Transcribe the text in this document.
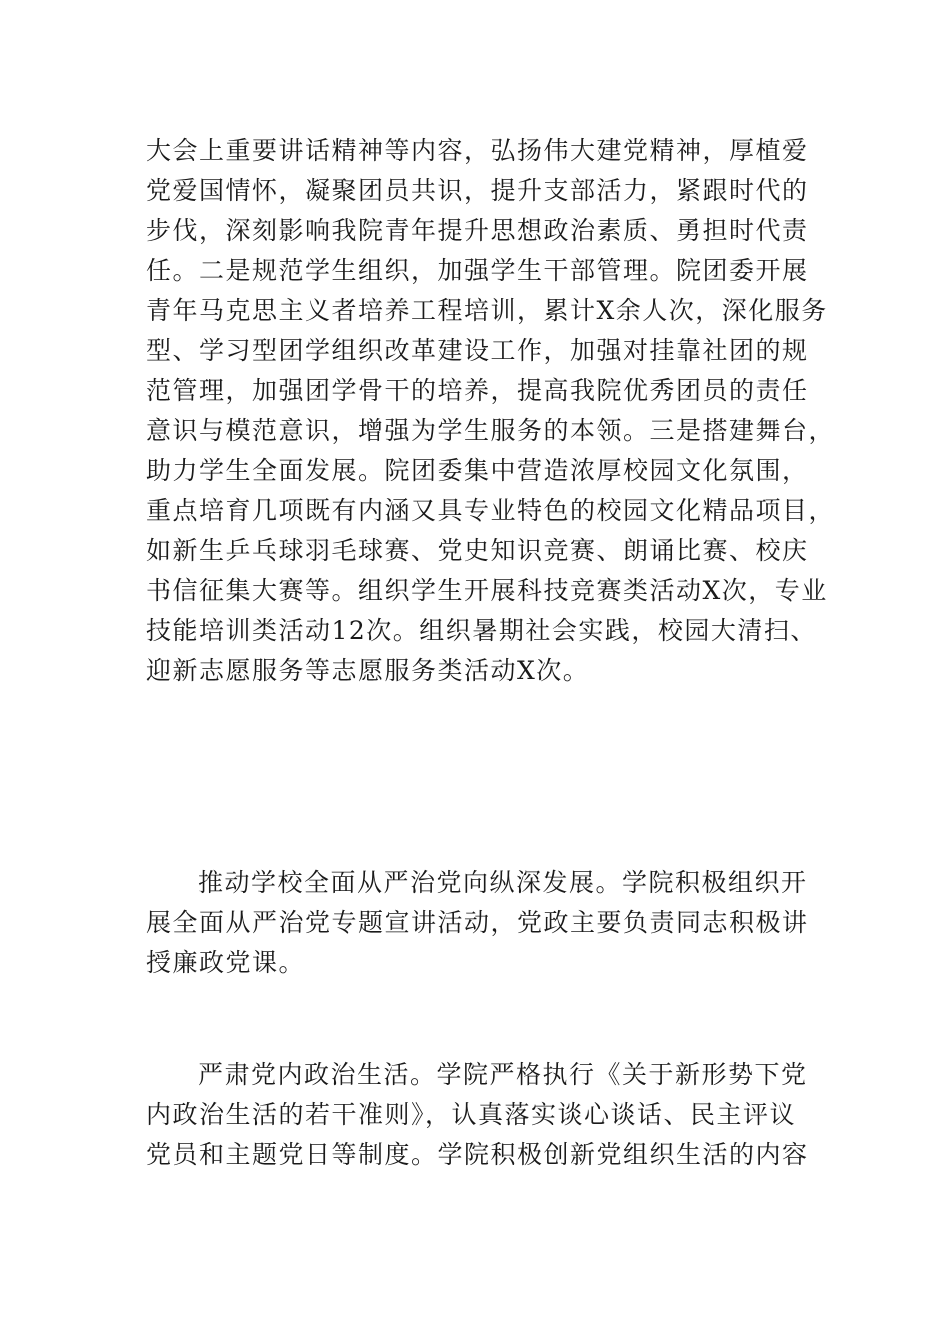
大会上重要讲话精神等内容，弘扬伟大建党精神，厚植爱
党爱国情怀，凝聚团员共识，提升支部活力，紧跟时代的
步伐，深刻影响我院青年提升思想政治素质、勇担时代责
任。二是规范学生组织，加强学生干部管理。院团委开展
青年马克思主义者培养工程培训，累计X余人次，深化服务
型、学习型团学组织改革建设工作，加强对挂靠社团的规
范管理，加强团学骨干的培养，提高我院优秀团员的责任
意识与模范意识，增强为学生服务的本领。三是搭建舞台，
助力学生全面发展。院团委集中营造浓厚校园文化氛围，
重点培育几项既有内涵又具专业特色的校园文化精品项目，
如新生乒乓球羽毛球赛、党史知识竞赛、朗诵比赛、校庆
书信征集大赛等。组织学生开展科技竞赛类活动X次，专业
技能培训类活动12次。组织暑期社会实践，校园大清扫、
迎新志愿服务等志愿服务类活动X次。
推动学校全面从严治党向纵深发展。学院积极组织开
展全面从严治党专题宣讲活动，党政主要负责同志积极讲
授廉政党课。
严肃党内政治生活。学院严格执行《关于新形势下党
内政治生活的若干准则》，认真落实谈心谈话、民主评议
党员和主题党日等制度。学院积极创新党组织生活的内容
